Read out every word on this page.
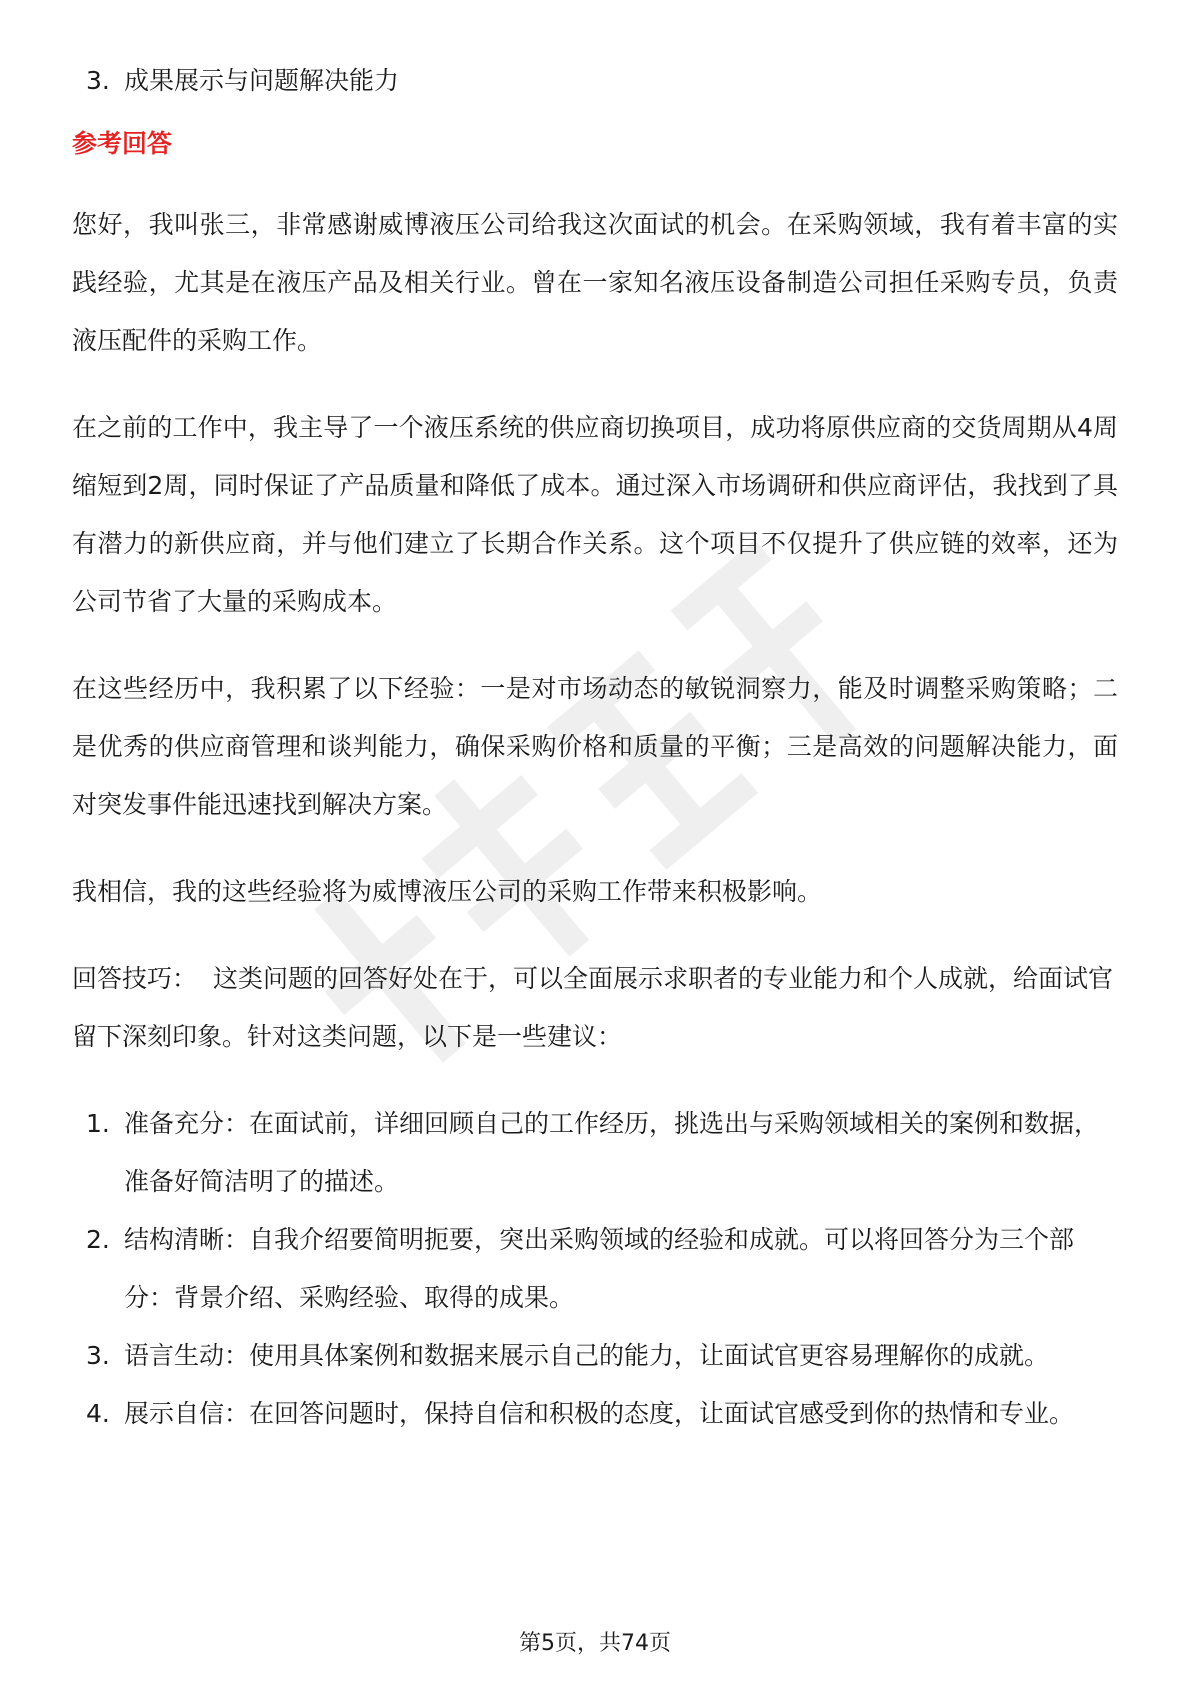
3. 成果展示与问题解决能力
参考回答

您好，我叫张三，非常感谢威博液压公司给我这次面试的机会。在采购领域，我有着丰富的实践经验，尤其是在液压产品及相关行业。曾在一家知名液压设备制造公司担任采购专员，负责液压配件的采购工作。

在之前的工作中，我主导了一个液压系统的供应商切换项目，成功将原供应商的交货周期从4周缩短到2周，同时保证了产品质量和降低了成本。通过深入市场调研和供应商评估，我找到了具有潜力的新供应商，并与他们建立了长期合作关系。这个项目不仅提升了供应链的效率，还为公司节省了大量的采购成本。

在这些经历中，我积累了以下经验：一是对市场动态的敏锐洞察力，能及时调整采购策略；二是优秀的供应商管理和谈判能力，确保采购价格和质量的平衡；三是高效的问题解决能力，面对突发事件能迅速找到解决方案。

我相信，我的这些经验将为威博液压公司的采购工作带来积极影响。

回答技巧： 这类问题的回答好处在于，可以全面展示求职者的专业能力和个人成就，给面试官留下深刻印象。针对这类问题，以下是一些建议：

1. 准备充分：在面试前，详细回顾自己的工作经历，挑选出与采购领域相关的案例和数据，准备好简洁明了的描述。
2. 结构清晰：自我介绍要简明扼要，突出采购领域的经验和成就。可以将回答分为三个部分：背景介绍、采购经验、取得的成果。
3. 语言生动：使用具体案例和数据来展示自己的能力，让面试官更容易理解你的成就。
4. 展示自信：在回答问题时，保持自信和积极的态度，让面试官感受到你的热情和专业。
第5页，共74页
